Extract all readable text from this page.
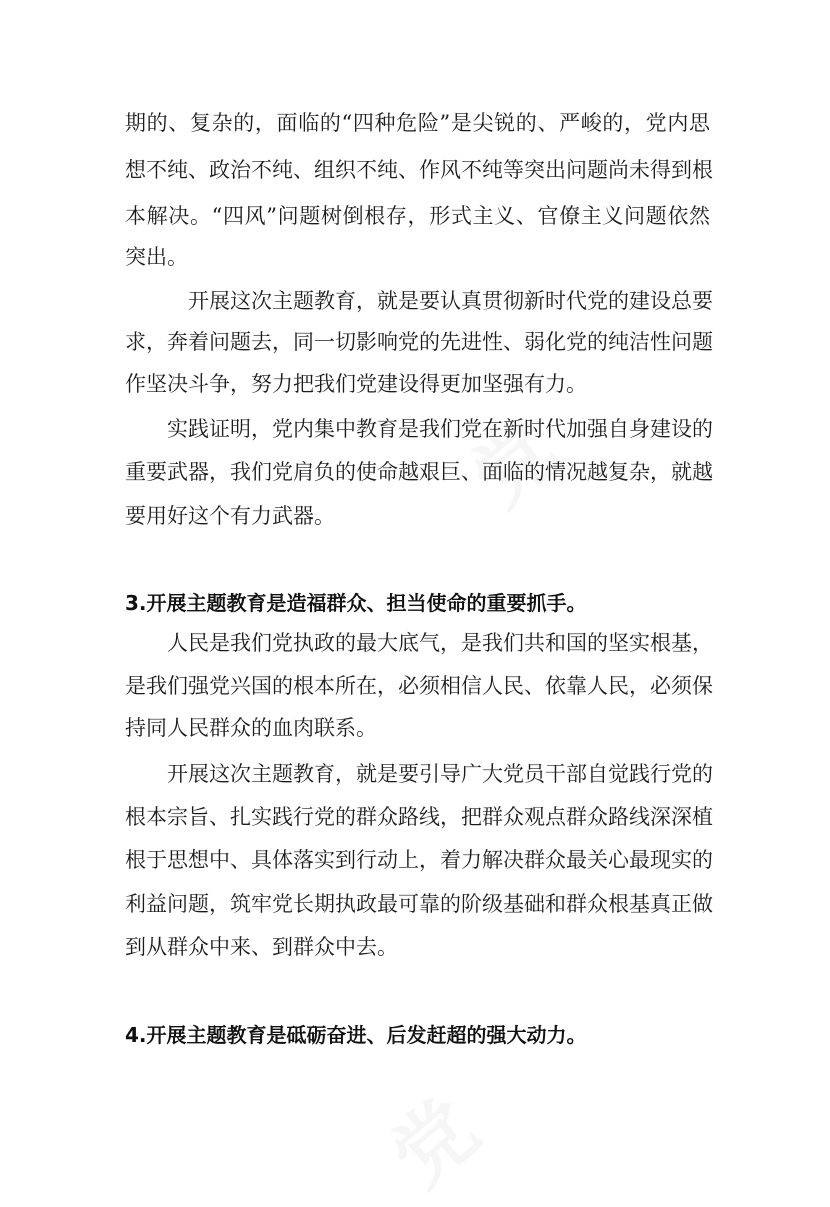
期的、复杂的，面临的“四种危险”是尖锐的、严峻的，党内思
想不纯、政治不纯、组织不纯、作风不纯等突出问题尚未得到根
本解决。“四风”问题树倒根存，形式主义、官僚主义问题依然
突出。
开展这次主题教育，就是要认真贯彻新时代党的建设总要
求，奔着问题去，同一切影响党的先进性、弱化党的纯洁性问题
作坚决斗争，努力把我们党建设得更加坚强有力。
实践证明，党内集中教育是我们党在新时代加强自身建设的
重要武器，我们党肩负的使命越艰巨、面临的情况越复杂，就越
要用好这个有力武器。
3.开展主题教育是造福群众、担当使命的重要抓手。
人民是我们党执政的最大底气，是我们共和国的坚实根基，
是我们强党兴国的根本所在，必须相信人民、依靠人民，必须保
持同人民群众的血肉联系。
开展这次主题教育，就是要引导广大党员干部自觉践行党的
根本宗旨、扎实践行党的群众路线，把群众观点群众路线深深植
根于思想中、具体落实到行动上，着力解决群众最关心最现实的
利益问题，筑牢党长期执政最可靠的阶级基础和群众根基真正做
到从群众中来、到群众中去。
4.开展主题教育是砥砺奋进、后发赶超的强大动力。
